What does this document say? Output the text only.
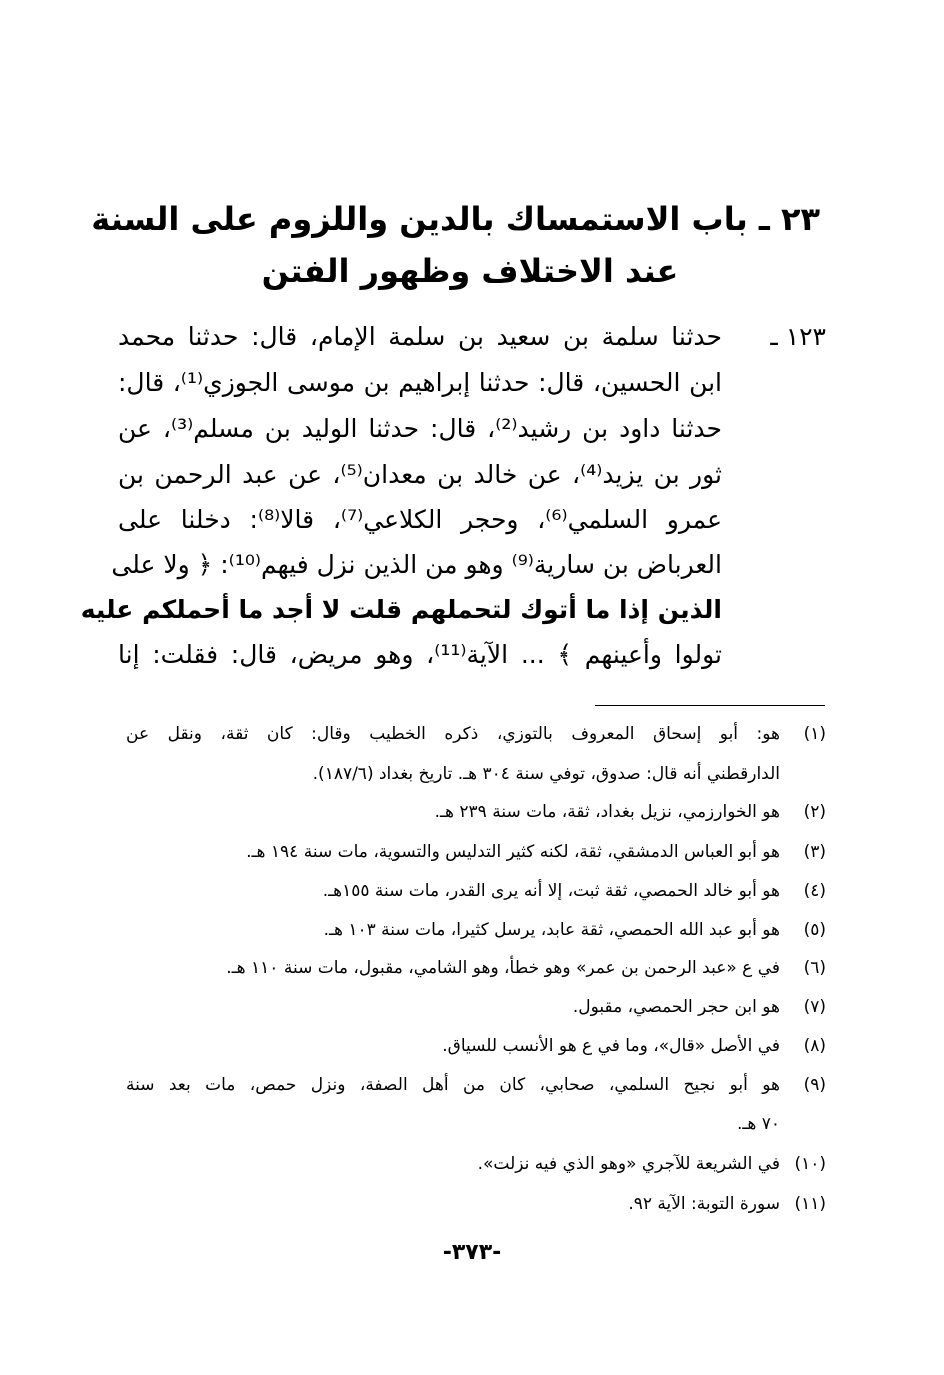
٢٣ ـ باب الاستمساك بالدين واللزوم على السنة
عند الاختلاف وظهور الفتن
١٢٣ ـ
حدثنا سلمة بن سعيد بن سلمة الإمام، قال: حدثنا محمد
ابن الحسين، قال: حدثنا إبراهيم بن موسى الجوزي⁽¹⁾، قال:
حدثنا داود بن رشيد⁽²⁾، قال: حدثنا الوليد بن مسلم⁽³⁾، عن
ثور بن يزيد⁽⁴⁾، عن خالد بن معدان⁽⁵⁾، عن عبد الرحمن بن
عمرو السلمي⁽⁶⁾، وحجر الكلاعي⁽⁷⁾، قالا⁽⁸⁾: دخلنا على
العرباض بن سارية⁽⁹⁾ وهو من الذين نزل فيهم⁽¹⁰⁾: ﴿ ولا على
الذين إذا ما أتوك لتحملهم قلت لا أجد ما أحملكم عليه
تولوا وأعينهم ﴾ ... الآية⁽¹¹⁾، وهو مريض، قال: فقلت: إنا
(١)هو: أبو إسحاق المعروف بالتوزي، ذكره الخطيب وقال: كان ثقة، ونقل عن
الدارقطني أنه قال: صدوق، توفي سنة ٣٠٤ هـ. تاريخ بغداد (١٨٧/٦).
(٢)هو الخوارزمي، نزيل بغداد، ثقة، مات سنة ٢٣٩ هـ.
(٣)هو أبو العباس الدمشقي، ثقة، لكنه كثير التدليس والتسوية، مات سنة ١٩٤ هـ.
(٤)هو أبو خالد الحمصي، ثقة ثبت، إلا أنه يرى القدر، مات سنة ١٥٥هـ.
(٥)هو أبو عبد الله الحمصي، ثقة عابد، يرسل كثيرا، مات سنة ١٠٣ هـ.
(٦)في ع «عبد الرحمن بن عمر» وهو خطأ، وهو الشامي، مقبول، مات سنة ١١٠ هـ.
(٧)هو ابن حجر الحمصي، مقبول.
(٨)في الأصل «قال»، وما في ع هو الأنسب للسياق.
(٩)هو أبو نجيح السلمي، صحابي، كان من أهل الصفة، ونزل حمص، مات بعد سنة
٧٠ هـ.
(١٠)في الشريعة للآجري «وهو الذي فيه نزلت».
(١١)سورة التوبة: الآية ٩٢.
-٣٧٣-
